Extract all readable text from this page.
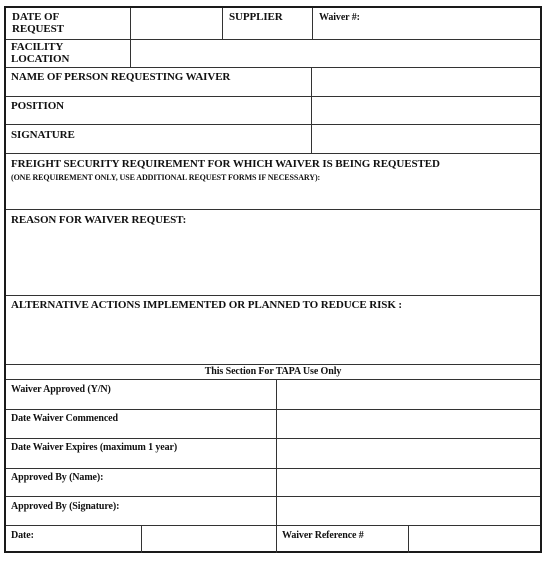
DATE OF REQUEST
SUPPLIER	Waiver #:
FACILITY LOCATION
NAME OF PERSON REQUESTING WAIVER
POSITION
SIGNATURE
FREIGHT SECURITY REQUIREMENT FOR WHICH WAIVER IS BEING REQUESTED
(ONE REQUIREMENT ONLY, USE ADDITIONAL REQUEST FORMS IF NECESSARY):
REASON FOR WAIVER REQUEST:
ALTERNATIVE ACTIONS IMPLEMENTED OR PLANNED TO REDUCE RISK :
This Section For TAPA Use Only
Waiver Approved (Y/N)
Date Waiver Commenced
Date Waiver Expires (maximum 1 year)
Approved By (Name):
Approved By (Signature):
Date:	Waiver Reference #
